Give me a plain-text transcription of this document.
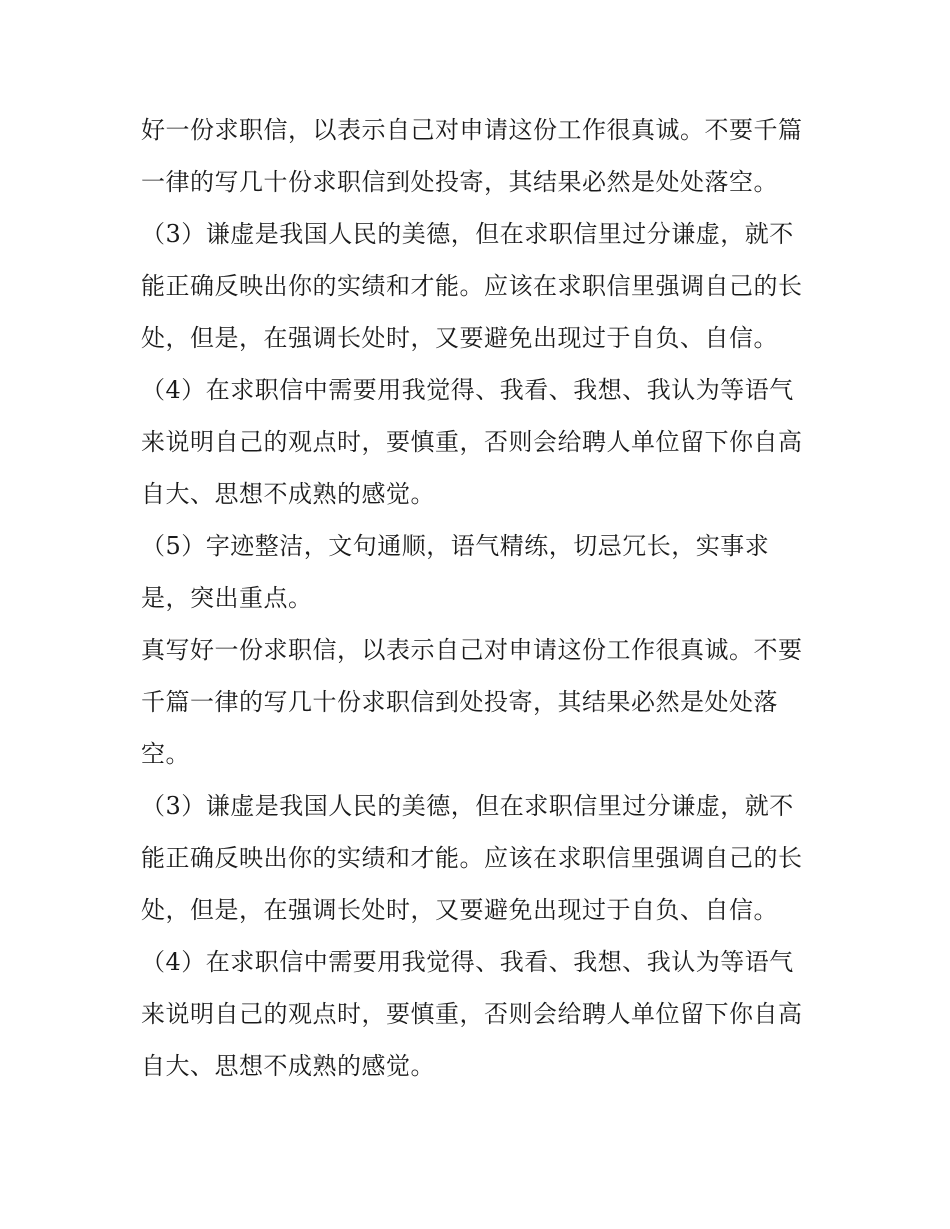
好一份求职信，以表示自己对申请这份工作很真诚。不要千篇
一律的写几十份求职信到处投寄，其结果必然是处处落空。
（3）谦虚是我国人民的美德，但在求职信里过分谦虚，就不
能正确反映出你的实绩和才能。应该在求职信里强调自己的长
处，但是，在强调长处时，又要避免出现过于自负、自信。
（4）在求职信中需要用我觉得、我看、我想、我认为等语气
来说明自己的观点时，要慎重，否则会给聘人单位留下你自高
自大、思想不成熟的感觉。
（5）字迹整洁，文句通顺，语气精练，切忌冗长，实事求
是，突出重点。
真写好一份求职信，以表示自己对申请这份工作很真诚。不要
千篇一律的写几十份求职信到处投寄，其结果必然是处处落
空。
（3）谦虚是我国人民的美德，但在求职信里过分谦虚，就不
能正确反映出你的实绩和才能。应该在求职信里强调自己的长
处，但是，在强调长处时，又要避免出现过于自负、自信。
（4）在求职信中需要用我觉得、我看、我想、我认为等语气
来说明自己的观点时，要慎重，否则会给聘人单位留下你自高
自大、思想不成熟的感觉。
